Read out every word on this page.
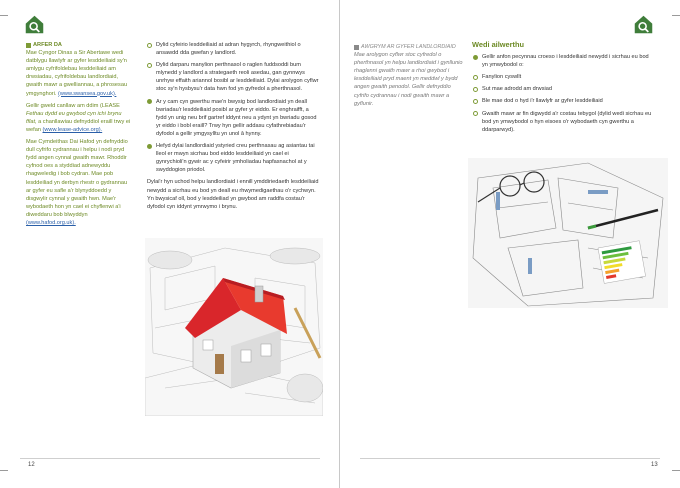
ARFER DA

Mae Cyngor Dinas a Sir Abertawe wedi datblygu llawlyfr ar gyfer lesddeiliaid sy'n amlygu cyfrifoldebau lesddeiliaid am drwsiadau, cyfrifoldebau landlordiaid, gwaith mawr a gwelliannau, a phrosesau ymgynghori. (www.swansea.gov.uk).

Gellir gweld canllaw am ddim (LEASE Fethau dydd eu gwybod cyn ichi brynu fflat, a chanllawiau defnyddiol eraill trwy ei wefan (www.lease-advice.org).

Mae Cymdeithas Dai Hafod yn defnyddio dull cyfrifo cydrannau i helpu i nodi pryd fydd angen cynnal gwaith mawr. Rhoddir cyfnod oes a styddiad adnewyddu rhagweledig i bob cydran. Mae pob lesddeiliad yn derbyn rhestr o gydrannau ar gyfer eu safle a'r blynyddoedd y disgwylir cynnal y gwaith hwn. Mae'r wybodaeth hon yn cael ei chyflenwi a'i diweddaru bob blwyddyn (www.hafod.org.uk).

Dylid cyfeirio lesddeiliaid at adran hygyrch, rhyngweithiol o ansawdd dda gwefan y landlord.
Dylid darparu manylion perthnasol o raglen fuddsoddi bum mlynedd y landlord a strategaeth reoli asedau, gan gynnwys unrhyw effaith ariannol bosibl ar lesddeiliaid. Dylai arolygon cyflwr stoc sy'n hysbysu'r data hwn fod yn gyfredol a pherthnasol.
Ar y cam cyn gwerthu mae'n bwysig bod landlordiaid yn deall bwriadau'r lesddeiliaid posibl ar gyfer yr eiddo. Er enghraifft, a fydd yn unig neu brif gartref iddynt neu a ydynt yn bwriadu gosod yr eiddo i bobl eraill? Trwy hyn gellir addasu cyfathrebiadau'r dyfodol a gellir ymgysylltu yn unol â hynny.
Hefyd dylai landlordiaid ystyried creu perthnasau ag asiantau tai lleol er mwyn sicrhau bod eiddo lesddeiliaid yn cael ei gynrychioli'n gywir ac y cyfeirir ymholiadau hapfasnachol at y swyddogion priodol.

Dylai'r hyn uchod helpu landlordiaid i ennill ymddiriedaeth lesddeiliaid newydd a sicrhau eu bod yn deall eu rhwymedigaethau o'r cychwyn. Yn bwysicaf oll, bod y lesddeiliad yn gwybod am raddfa costau'r dyfodol cyn iddynt ymrwymo i brynu.

12
AWGRYM AR GYFER LANDLORDIAID

Mae arolygon cyflwr stoc cyfredol o pherthnasol yn helpu landlordiaid i gynllunio rhaglenni gwaith mawr a rhoi gwybod i lesddeiliaid pryd maent yn meddwl y bydd angen gwaith penodol. Gellir defnyddio cyfrifo cydrannau i nodi gwaith mawr a gyflunir.

Wedi ailwerthu
Gellir anfon pecynnau croeso i lesddeiliaid newydd i sicrhau eu bod yn ymwybodol o:
Fanylion cyswllt
Sut mae adrodd am drwsiad
Ble mae dod o hyd i'r llawlyfr ar gyfer lesddeiliaid
Gwaith mawr ar fin digwydd a'r costau tebygol (dylid wedi sicrhau eu bod yn ymwybodol o hyn eisoes o'r wybodaeth cyn gwerthu a ddarparwyd).
13
